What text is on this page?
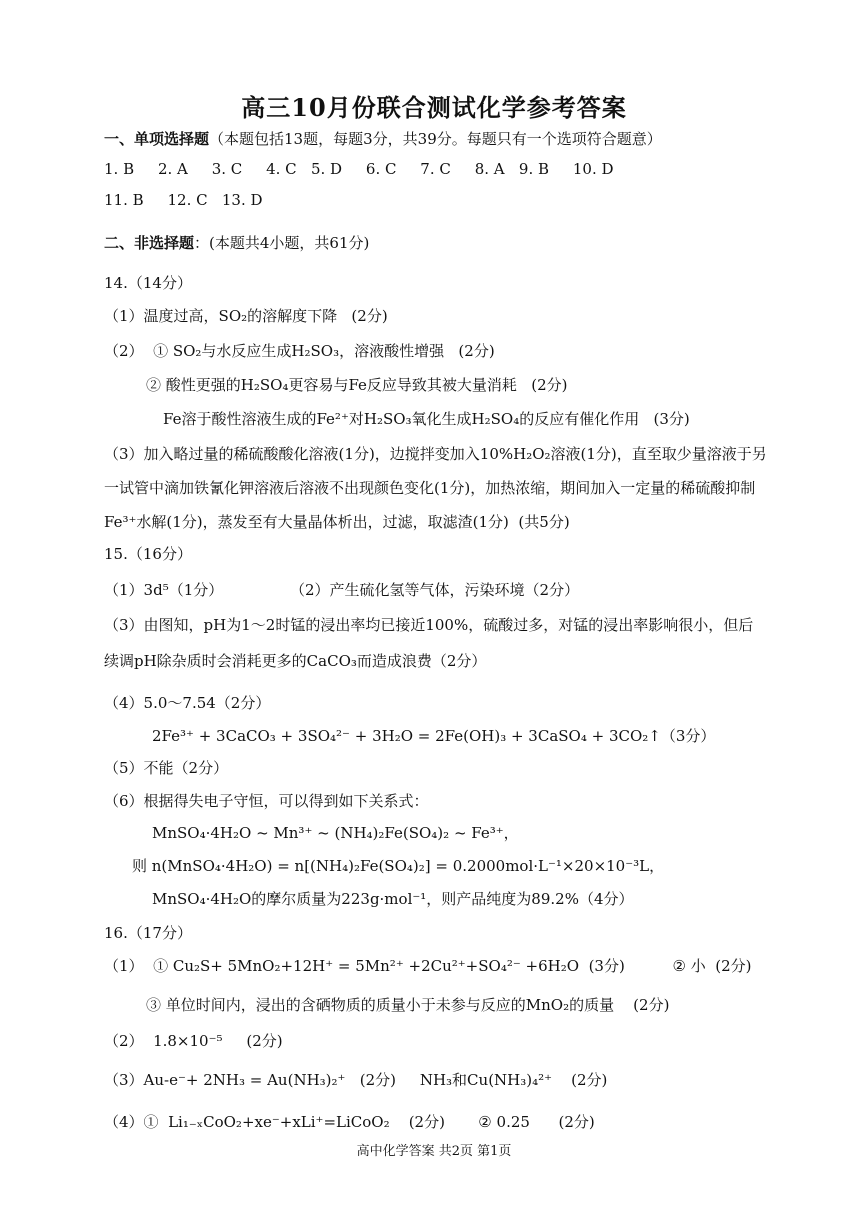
高三10月份联合测试化学参考答案
一、单项选择题（本题包括13题，每题3分，共39分。每题只有一个选项符合题意）
1. B     2. A     3. C     4. C   5. D     6. C     7. C     8. A   9. B     10. D
11. B     12. C   13. D
二、非选择题：(本题共4小题，共61分)
14.（14分）
（1）温度过高，SO₂的溶解度下降   (2分)
（2）  ① SO₂与水反应生成H₂SO₃，溶液酸性增强   (2分)
② 酸性更强的H₂SO₄更容易与Fe反应导致其被大量消耗   (2分)
Fe溶于酸性溶液生成的Fe²⁺对H₂SO₃氧化生成H₂SO₄的反应有催化作用   (3分)
（3）加入略过量的稀硫酸酸化溶液(1分)，边搅拌变加入10%H₂O₂溶液(1分)，直至取少量溶液于另
一试管中滴加铁氰化钾溶液后溶液不出现颜色变化(1分)，加热浓缩，期间加入一定量的稀硫酸抑制
Fe³⁺水解(1分)，蒸发至有大量晶体析出，过滤，取滤渣(1分)  (共5分)
15.（16分）
（1）3d⁵（1分）              （2）产生硫化氢等气体，污染环境（2分）
（3）由图知，pH为1～2时锰的浸出率均已接近100%，硫酸过多，对锰的浸出率影响很小，但后
续调pH除杂质时会消耗更多的CaCO₃而造成浪费（2分）
（4）5.0～7.54（2分）
2Fe³⁺ + 3CaCO₃ + 3SO₄²⁻ + 3H₂O = 2Fe(OH)₃ + 3CaSO₄ + 3CO₂↑（3分）
（5）不能（2分）
（6）根据得失电子守恒，可以得到如下关系式：
MnSO₄·4H₂O ~ Mn³⁺ ~ (NH₄)₂Fe(SO₄)₂ ~ Fe³⁺，
则 n(MnSO₄·4H₂O) = n[(NH₄)₂Fe(SO₄)₂] = 0.2000mol·L⁻¹×20×10⁻³L，
MnSO₄·4H₂O的摩尔质量为223g·mol⁻¹，则产品纯度为89.2%（4分）
16.（17分）
（1）  ① Cu₂S+ 5MnO₂+12H⁺ = 5Mn²⁺ +2Cu²⁺+SO₄²⁻ +6H₂O  (3分)          ② 小  (2分)
③ 单位时间内，浸出的含硒物质的质量小于未参与反应的MnO₂的质量    (2分)
（2）  1.8×10⁻⁵     (2分)
（3）Au-e⁻+ 2NH₃ = Au(NH₃)₂⁺   (2分)     NH₃和Cu(NH₃)₄²⁺    (2分)
（4）①  Li₁₋ₓCoO₂+xe⁻+xLi⁺=LiCoO₂    (2分)       ② 0.25      (2分)
高中化学答案 共2页 第1页
